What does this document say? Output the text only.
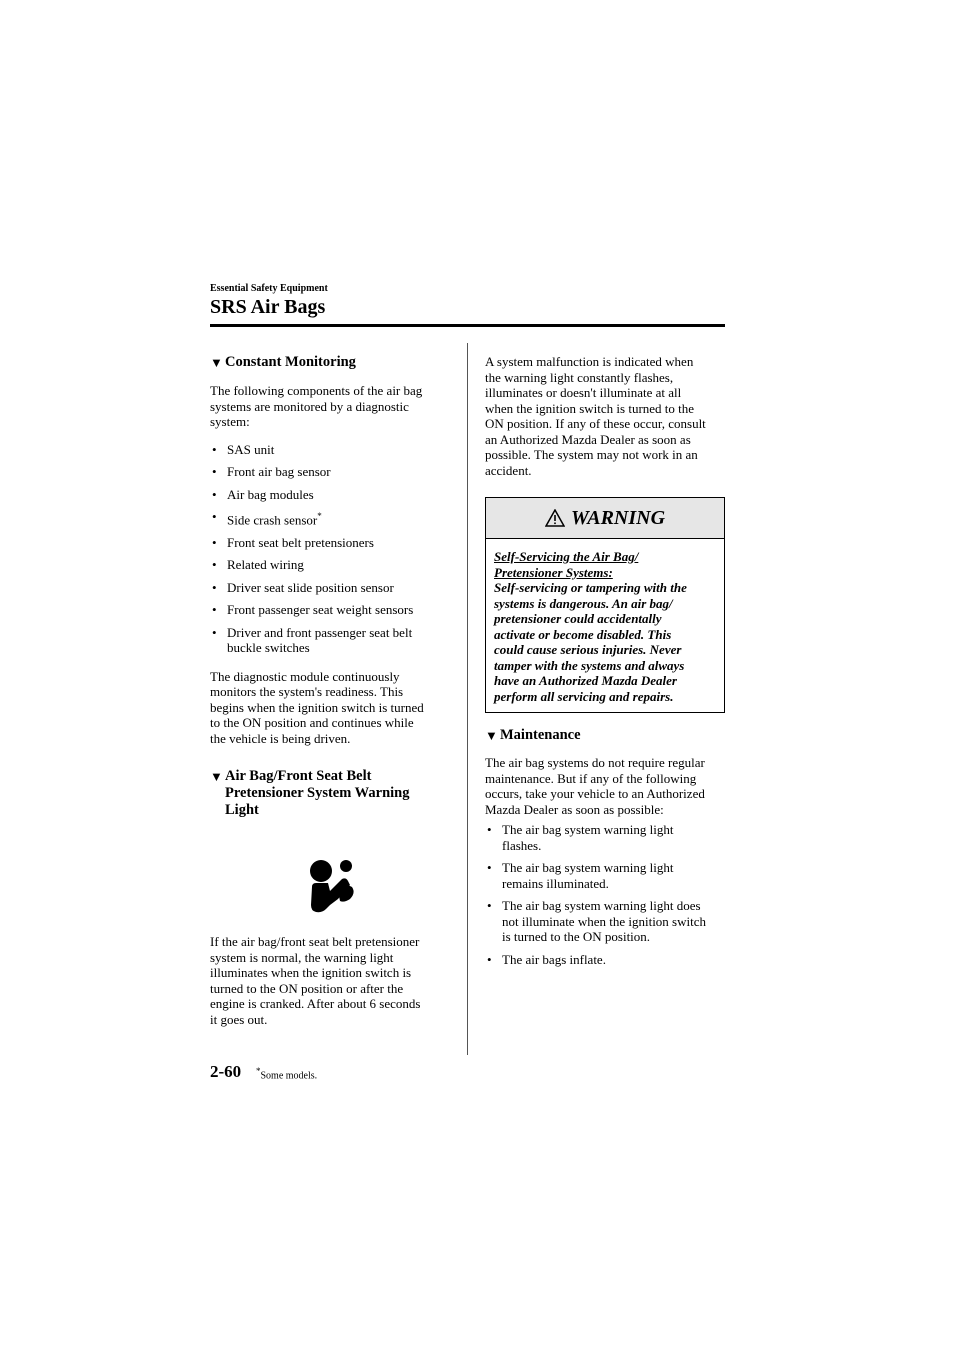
Essential Safety Equipment
SRS Air Bags
▼ Constant Monitoring

The following components of the air bag
systems are monitored by a diagnostic
system:

• SAS unit
• Front air bag sensor
• Air bag modules
• Side crash sensor*
• Front seat belt pretensioners
• Related wiring
• Driver seat slide position sensor
• Front passenger seat weight sensors
• Driver and front passenger seat belt
buckle switches

The diagnostic module continuously
monitors the system's readiness. This
begins when the ignition switch is turned
to the ON position and continues while
the vehicle is being driven.

▼ Air Bag/Front Seat Belt
Pretensioner System Warning
Light

If the air bag/front seat belt pretensioner
system is normal, the warning light
illuminates when the ignition switch is
turned to the ON position or after the
engine is cranked. After about 6 seconds
it goes out.

A system malfunction is indicated when
the warning light constantly flashes,
illuminates or doesn't illuminate at all
when the ignition switch is turned to the
ON position. If any of these occur, consult
an Authorized Mazda Dealer as soon as
possible. The system may not work in an
accident.

WARNING
Self-Servicing the Air Bag/
Pretensioner Systems:
Self-servicing or tampering with the
systems is dangerous. An air bag/
pretensioner could accidentally
activate or become disabled. This
could cause serious injuries. Never
tamper with the systems and always
have an Authorized Mazda Dealer
perform all servicing and repairs.
▼ Maintenance

The air bag systems do not require regular
maintenance. But if any of the following
occurs, take your vehicle to an Authorized
Mazda Dealer as soon as possible:

• The air bag system warning light
flashes.
• The air bag system warning light
remains illuminated.
• The air bag system warning light does
not illuminate when the ignition switch
is turned to the ON position.
• The air bags inflate.
2-60 *Some models.
